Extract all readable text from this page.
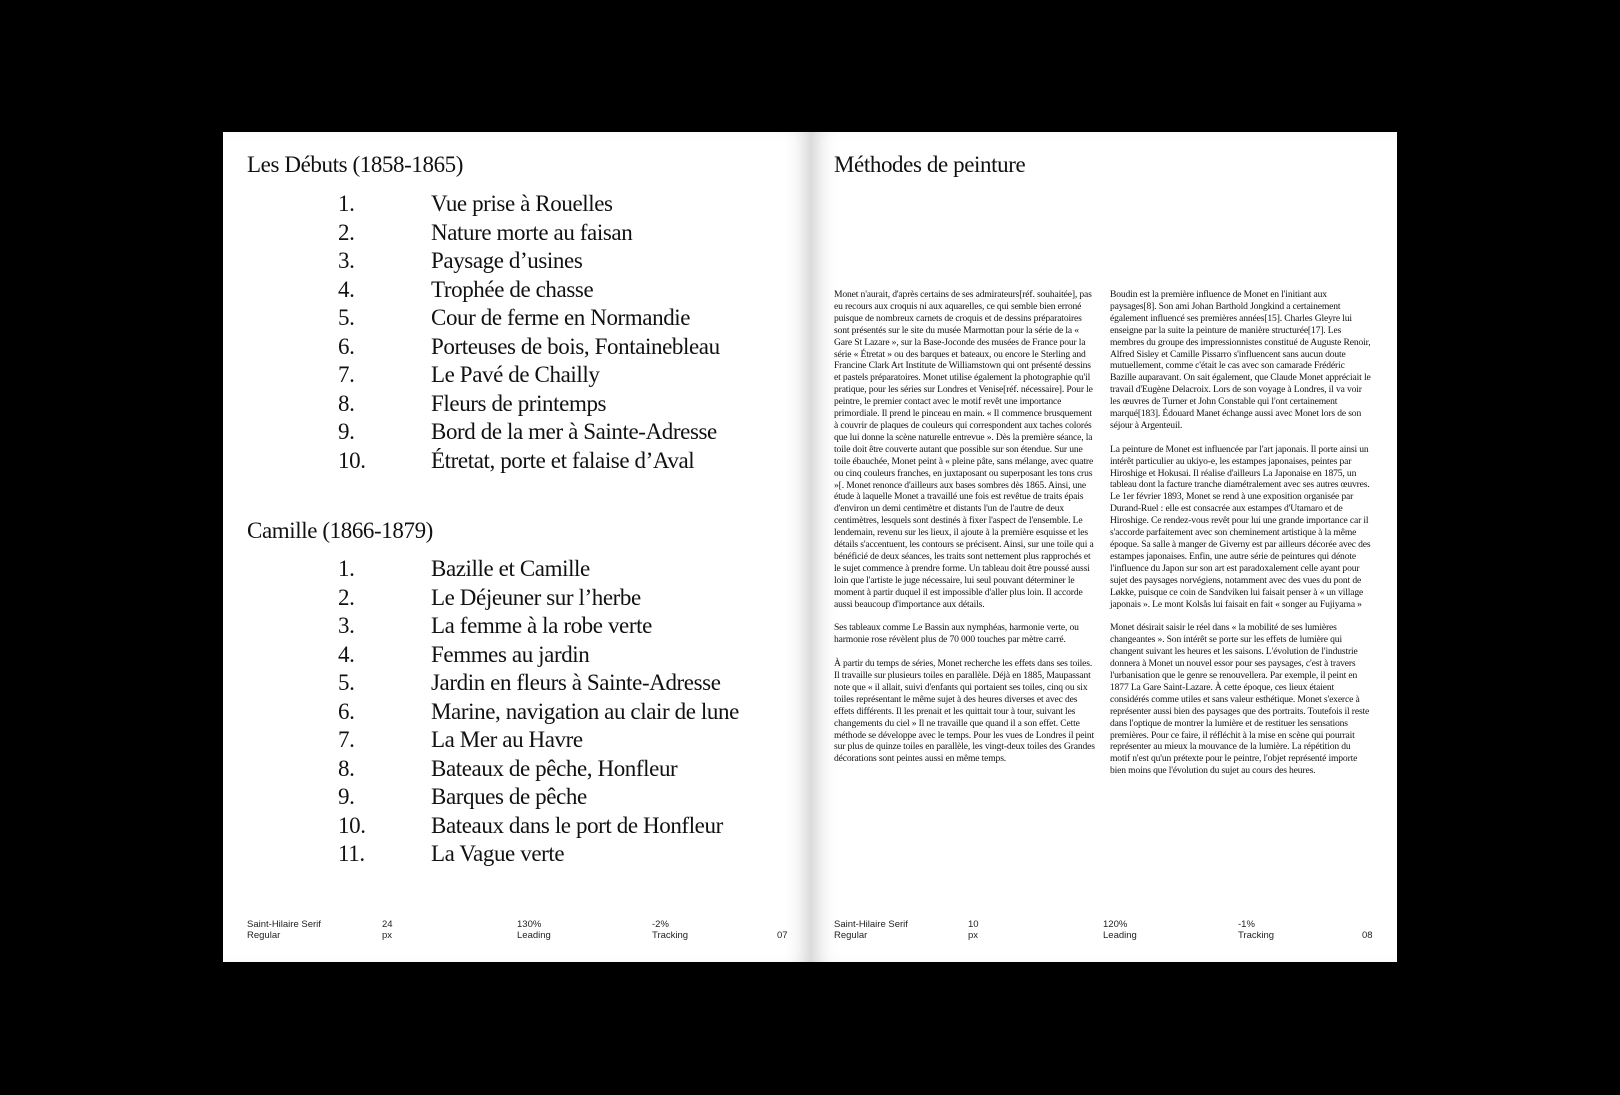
Les Débuts (1858-1865)
1.	Vue prise à Rouelles
2.	Nature morte au faisan
3.	Paysage d’usines
4.	Trophée de chasse
5.	Cour de ferme en Normandie
6.	Porteuses de bois, Fontainebleau
7.	Le Pavé de Chailly
8.	Fleurs de printemps
9.	Bord de la mer à Sainte-Adresse
10.	Étretat, porte et falaise d’Aval
Camille (1866-1879)
1.	Bazille et Camille
2.	Le Déjeuner sur l’herbe
3.	La femme à la robe verte
4.	Femmes au jardin
5.	Jardin en fleurs à Sainte-Adresse
6.	Marine, navigation au clair de lune
7.	La Mer au Havre
8.	Bateaux de pêche, Honfleur
9.	Barques de pêche
10.	Bateaux dans le port de Honfleur
11.	La Vague verte
Saint-Hilaire Serif
Regular
24
px
130%
Leading
-2%
Tracking	07
Méthodes de peinture

Monet n'aurait, d'après certains de ses admirateurs[réf. souhaitée], pas eu recours aux croquis ni aux aquarelles, ce qui semble bien erroné puisque de nombreux carnets de croquis et de dessins préparatoires sont présentés sur le site du musée Marmottan pour la série de la « Gare St Lazare », sur la Base-Joconde des musées de France pour la série « Étretat » ou des barques et bateaux, ou encore le Sterling and Francine Clark Art Institute de Williamstown qui ont présenté dessins et pastels préparatoires. Monet utilise également la photographie qu'il pratique, pour les séries sur Londres et Venise[réf. nécessaire]. Pour le peintre, le premier contact avec le motif revêt une importance primordiale. Il prend le pinceau en main. « Il commence brusquement à couvrir de plaques de couleurs qui correspondent aux taches colorés que lui donne la scène naturelle entrevue ». Dès la première séance, la toile doit être couverte autant que possible sur son étendue. Sur une toile ébauchée, Monet peint à « pleine pâte, sans mélange, avec quatre ou cinq couleurs franches, en juxtaposant ou superposant les tons crus »[. Monet renonce d'ailleurs aux bases sombres dès 1865. Ainsi, une étude à laquelle Monet a travaillé une fois est revêtue de traits épais d'environ un demi centimètre et distants l'un de l'autre de deux centimètres, lesquels sont destinés à fixer l'aspect de l'ensemble. Le lendemain, revenu sur les lieux, il ajoute à la première esquisse et les détails s'accentuent, les contours se précisent. Ainsi, sur une toile qui a bénéficié de deux séances, les traits sont nettement plus rapprochés et le sujet commence à prendre forme. Un tableau doit être poussé aussi loin que l'artiste le juge nécessaire, lui seul pouvant déterminer le moment à partir duquel il est impossible d'aller plus loin. Il accorde aussi beaucoup d'importance aux détails.

Ses tableaux comme Le Bassin aux nymphéas, harmonie verte, ou harmonie rose révèlent plus de 70 000 touches par mètre carré.

À partir du temps de séries, Monet recherche les effets dans ses toiles. Il travaille sur plusieurs toiles en parallèle. Déjà en 1885, Maupassant note que « il allait, suivi d'enfants qui portaient ses toiles, cinq ou six toiles représentant le même sujet à des heures diverses et avec des effets différents. Il les prenait et les quittait tour à tour, suivant les changements du ciel » Il ne travaille que quand il a son effet. Cette méthode se développe avec le temps. Pour les vues de Londres il peint sur plus de quinze toiles en parallèle, les vingt-deux toiles des Grandes décorations sont peintes aussi en même temps.

Boudin est la première influence de Monet en l'initiant aux paysages[8]. Son ami Johan Barthold Jongkind a certainement également influencé ses premières années[15]. Charles Gleyre lui enseigne par la suite la peinture de manière structurée[17]. Les membres du groupe des impressionnistes constitué de Auguste Renoir, Alfred Sisley et Camille Pissarro s'influencent sans aucun doute mutuellement, comme c'était le cas avec son camarade Frédéric Bazille auparavant. On sait également, que Claude Monet appréciait le travail d'Eugène Delacroix. Lors de son voyage à Londres, il va voir les œuvres de Turner et John Constable qui l'ont certainement marqué[183]. Édouard Manet échange aussi avec Monet lors de son séjour à Argenteuil.

La peinture de Monet est influencée par l'art japonais. Il porte ainsi un intérêt particulier au ukiyo-e, les estampes japonaises, peintes par Hiroshige et Hokusai. Il réalise d'ailleurs La Japonaise en 1875, un tableau dont la facture tranche diamétralement avec ses autres œuvres. Le 1er février 1893, Monet se rend à une exposition organisée par Durand-Ruel : elle est consacrée aux estampes d'Utamaro et de Hiroshige. Ce rendez-vous revêt pour lui une grande importance car il s'accorde parfaitement avec son cheminement artistique à la même époque. Sa salle à manger de Giverny est par ailleurs décorée avec des estampes japonaises. Enfin, une autre série de peintures qui dénote l'influence du Japon sur son art est paradoxalement celle ayant pour sujet des paysages norvégiens, notamment avec des vues du pont de Løkke, puisque ce coin de Sandviken lui faisait penser à « un village japonais ». Le mont Kolsås lui faisait en fait « songer au Fujiyama »

Monet désirait saisir le réel dans « la mobilité de ses lumières changeantes ». Son intérêt se porte sur les effets de lumière qui changent suivant les heures et les saisons. L'évolution de l'industrie donnera à Monet un nouvel essor pour ses paysages, c'est à travers l'urbanisation que le genre se renouvellera. Par exemple, il peint en 1877 La Gare Saint-Lazare. À cette époque, ces lieux étaient considérés comme utiles et sans valeur esthétique. Monet s'exerce à représenter aussi bien des paysages que des portraits. Toutefois il reste dans l'optique de montrer la lumière et de restituer les sensations premières. Pour ce faire, il réfléchit à la mise en scène qui pourrait représenter au mieux la mouvance de la lumière. La répétition du motif n'est qu'un prétexte pour le peintre, l'objet représenté importe bien moins que l'évolution du sujet au cours des heures.

Saint-Hilaire Serif
Regular
10
px
120%
Leading
-1%
Tracking	08
